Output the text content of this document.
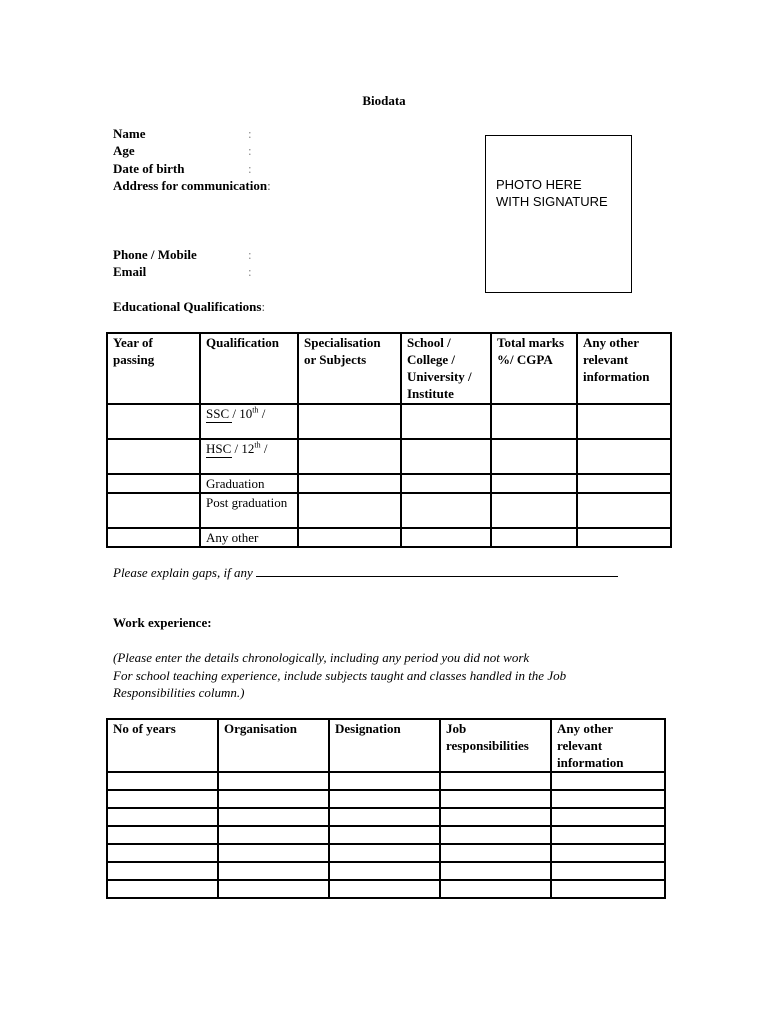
Biodata
Name	:
Age	:
Date of birth	:
Address for communication:
Phone / Mobile	:
Email	:
PHOTO HERE
WITH SIGNATURE
Educational Qualifications:
Year of passing	Qualification	Specialisation or Subjects	School / College / University / Institute	Total marks %/ CGPA	Any other relevant information
	SSC / 10th /

	HSC / 12th /

	Graduation				
	Post graduation				
	Any other				
Please explain gaps, if any
Work experience:
(Please enter the details chronologically, including any period you did not work
For school teaching experience, include subjects taught and classes handled in the Job Responsibilities column.)
No of years	Organisation	Designation	Job responsibilities	Any other relevant information
